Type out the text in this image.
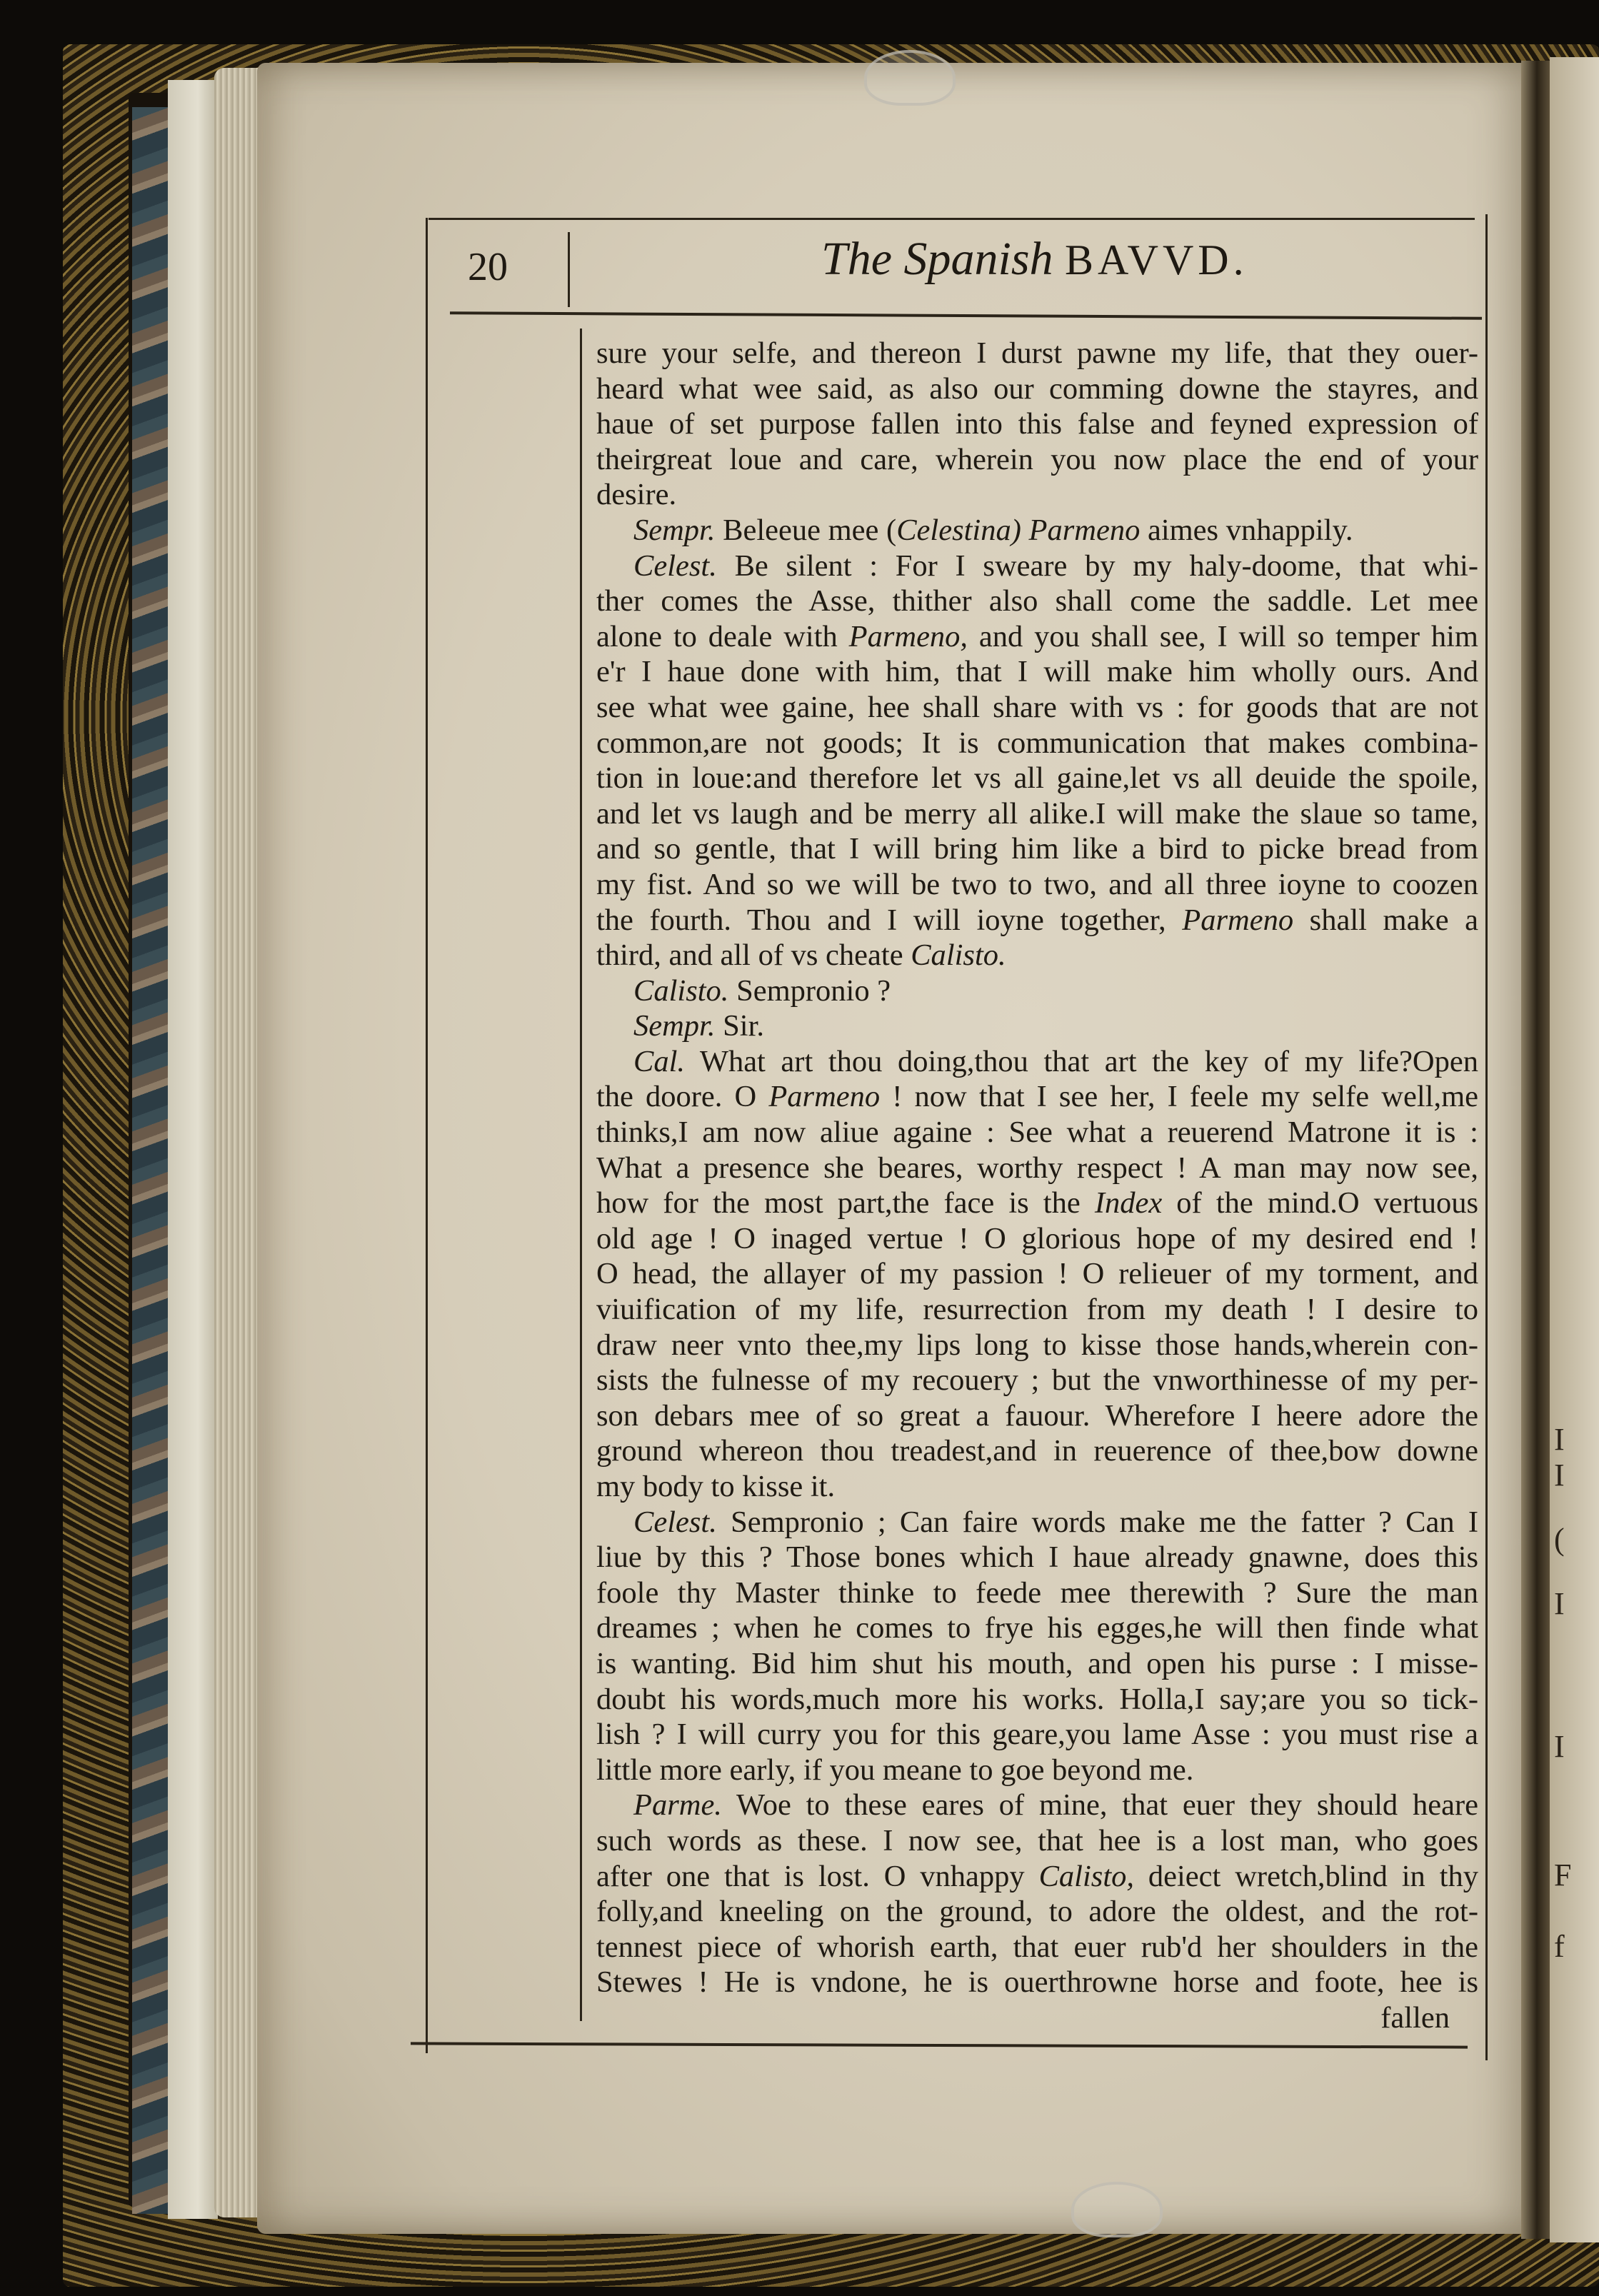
I
I
(
I
I
F
f
20	The Spanish BAVVD.
sure your selfe, and thereon I durst pawne my life, that they ouer-
heard what wee said, as also our comming downe the stayres, and
haue of set purpose fallen into this false and feyned expression of
theirgreat loue and care, wherein you now place the end of your
desire.
Sempr. Beleeue mee (Celestina) Parmeno aimes vnhappily.
Celest. Be silent : For I sweare by my haly-doome, that whi-
ther comes the Asse, thither also shall come the saddle. Let mee
alone to deale with Parmeno, and you shall see, I will so temper him
e'r I haue done with him, that I will make him wholly ours. And
see what wee gaine, hee shall share with vs : for goods that are not
common,are not goods; It is communication that makes combina-
tion in loue:and therefore let vs all gaine,let vs all deuide the spoile,
and let vs laugh and be merry all alike.I will make the slaue so tame,
and so gentle, that I will bring him like a bird to picke bread from
my fist. And so we will be two to two, and all three ioyne to coozen
the fourth. Thou and I will ioyne together, Parmeno shall make a
third, and all of vs cheate Calisto.
Calisto. Sempronio ?
Sempr. Sir.
Cal. What art thou doing,thou that art the key of my life?Open
the doore. O Parmeno ! now that I see her, I feele my selfe well,me
thinks,I am now aliue againe : See what a reuerend Matrone it is :
What a presence she beares, worthy respect ! A man may now see,
how for the most part,the face is the Index of the mind.O vertuous
old age ! O inaged vertue ! O glorious hope of my desired end !
O head, the allayer of my passion ! O relieuer of my torment, and
viuification of my life, resurrection from my death ! I desire to
draw neer vnto thee,my lips long to kisse those hands,wherein con-
sists the fulnesse of my recouery ; but the vnworthinesse of my per-
son debars mee of so great a fauour. Wherefore I heere adore the
ground whereon thou treadest,and in reuerence of thee,bow downe
my body to kisse it.
Celest. Sempronio ; Can faire words make me the fatter ? Can I
liue by this ? Those bones which I haue already gnawne, does this
foole thy Master thinke to feede mee therewith ? Sure the man
dreames ; when he comes to frye his egges,he will then finde what
is wanting. Bid him shut his mouth, and open his purse : I misse-
doubt his words,much more his works. Holla,I say;are you so tick-
lish ? I will curry you for this geare,you lame Asse : you must rise a
little more early, if you meane to goe beyond me.
Parme. Woe to these eares of mine, that euer they should heare
such words as these. I now see, that hee is a lost man, who goes
after one that is lost. O vnhappy Calisto, deiect wretch,blind in thy
folly,and kneeling on the ground, to adore the oldest, and the rot-
tennest piece of whorish earth, that euer rub'd her shoulders in the
Stewes ! He is vndone, he is ouerthrowne horse and foote, hee is
fallen
